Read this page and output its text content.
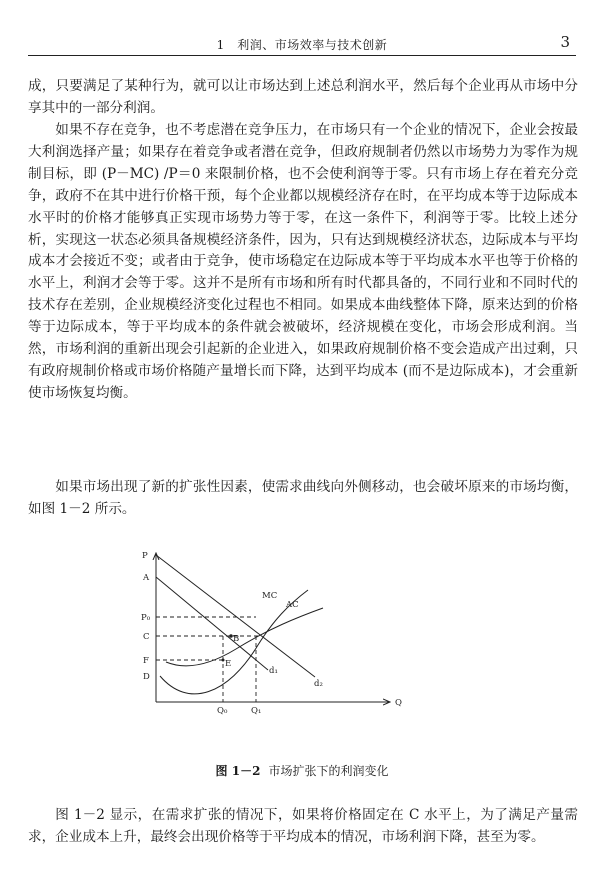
1　利润、市场效率与技术创新	3

成，只要满足了某种行为，就可以让市场达到上述总利润水平，然后每个企业再从市场中分享其中的一部分利润。

如果不存在竞争，也不考虑潜在竞争压力，在市场只有一个企业的情况下，企业会按最大利润选择产量；如果存在着竞争或者潜在竞争，但政府规制者仍然以市场势力为零作为规制目标，即 (P－MC) /P＝0 来限制价格，也不会使利润等于零。只有市场上存在着充分竞争，政府不在其中进行价格干预，每个企业都以规模经济存在时，在平均成本等于边际成本水平时的价格才能够真正实现市场势力等于零，在这一条件下，利润等于零。比较上述分析，实现这一状态必须具备规模经济条件，因为，只有达到规模经济状态，边际成本与平均成本才会接近不变；或者由于竞争，使市场稳定在边际成本等于平均成本水平也等于价格的水平上，利润才会等于零。这并不是所有市场和所有时代都具备的，不同行业和不同时代的技术存在差别，企业规模经济变化过程也不相同。如果成本曲线整体下降，原来达到的价格等于边际成本，等于平均成本的条件就会被破坏，经济规模在变化，市场会形成利润。当然，市场利润的重新出现会引起新的企业进入，如果政府规制价格不变会造成产出过剩，只有政府规制价格或市场价格随产量增长而下降，达到平均成本 (而不是边际成本)，才会重新使市场恢复均衡。

如果市场出现了新的扩张性因素，使需求曲线向外侧移动，也会破坏原来的市场均衡，如图 1－2 所示。

P
A
P₀
C
F
D
MC
AC
B
E
d₁
d₂
Q₀	Q₁
Q
图 1－2 市场扩张下的利润变化

图 1－2 显示，在需求扩张的情况下，如果将价格固定在 C 水平上，为了满足产量需求，企业成本上升，最终会出现价格等于平均成本的情况，市场利润下降，甚至为零。
